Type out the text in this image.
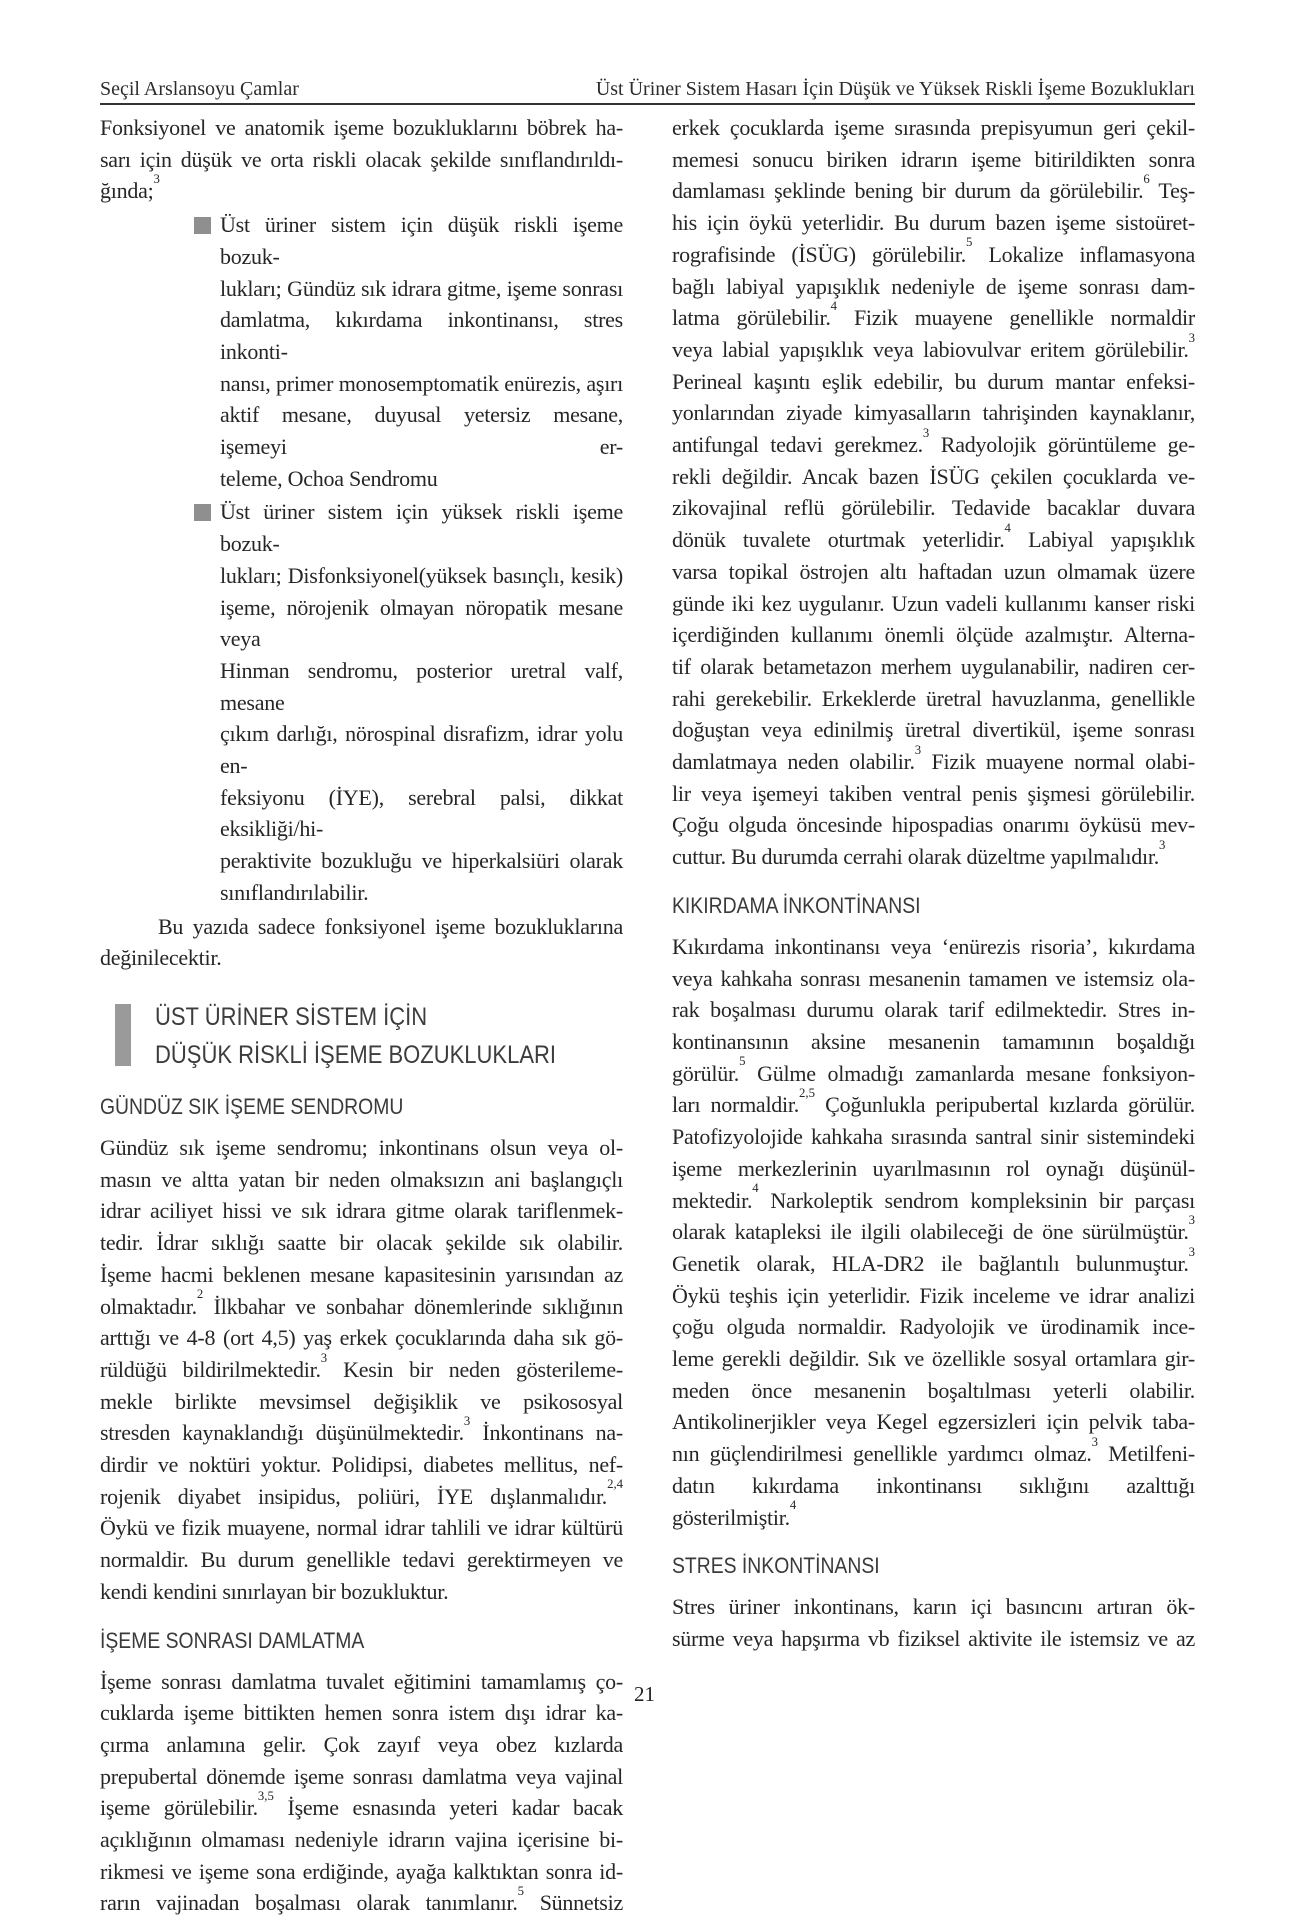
Seçil Arslansoyu Çamlar	Üst Üriner Sistem Hasarı İçin Düşük ve Yüksek Riskli İşeme Bozuklukları
Fonksiyonel ve anatomik işeme bozukluklarını böbrek ha-
sarı için düşük ve orta riskli olacak şekilde sınıflandırıldı-
ğında;$^3$
Üst üriner sistem için düşük riskli işeme bozuk-
lukları; Gündüz sık idrara gitme, işeme sonrası
damlatma, kıkırdama inkontinansı, stres inkonti-
nansı, primer monosemptomatik enürezis, aşırı
aktif mesane, duyusal yetersiz mesane, işemeyi er-
teleme, Ochoa Sendromu
Üst üriner sistem için yüksek riskli işeme bozuk-
lukları; Disfonksiyonel(yüksek basınçlı, kesik)
işeme, nörojenik olmayan nöropatik mesane veya
Hinman sendromu, posterior uretral valf, mesane
çıkım darlığı, nörospinal disrafizm, idrar yolu en-
feksiyonu (İYE), serebral palsi, dikkat eksikliği/hi-
peraktivite bozukluğu ve hiperkalsiüri olarak
sınıflandırılabilir.
Bu yazıda sadece fonksiyonel işeme bozukluklarına
değinilecektir.
ÜST ÜRİNER SİSTEM İÇİN
DÜŞÜK RİSKLİ İŞEME BOZUKLUKLARI
GÜNDÜZ SIK İŞEME SENDROMU
Gündüz sık işeme sendromu; inkontinans olsun veya ol-
masın ve altta yatan bir neden olmaksızın ani başlangıçlı
idrar aciliyet hissi ve sık idrara gitme olarak tariflenmek-
tedir. İdrar sıklığı saatte bir olacak şekilde sık olabilir.
İşeme hacmi beklenen mesane kapasitesinin yarısından az
olmaktadır.$^2$ İlkbahar ve sonbahar dönemlerinde sıklığının
arttığı ve 4-8 (ort 4,5) yaş erkek çocuklarında daha sık gö-
rüldüğü bildirilmektedir.$^3$ Kesin bir neden gösterileme-
mekle birlikte mevsimsel değişiklik ve psikososyal
stresden kaynaklandığı düşünülmektedir.$^3$ İnkontinans na-
dirdir ve noktüri yoktur. Polidipsi, diabetes mellitus, nef-
rojenik diyabet insipidus, poliüri, İYE dışlanmalıdır.$^{2,4}$
Öykü ve fizik muayene, normal idrar tahlili ve idrar kültürü
normaldir. Bu durum genellikle tedavi gerektirmeyen ve
kendi kendini sınırlayan bir bozukluktur.
İŞEME SONRASI DAMLATMA
İşeme sonrası damlatma tuvalet eğitimini tamamlamış ço-
cuklarda işeme bittikten hemen sonra istem dışı idrar ka-
çırma anlamına gelir. Çok zayıf veya obez kızlarda
prepubertal dönemde işeme sonrası damlatma veya vajinal
işeme görülebilir.$^{3,5}$ İşeme esnasında yeteri kadar bacak
açıklığının olmaması nedeniyle idrarın vajina içerisine bi-
rikmesi ve işeme sona erdiğinde, ayağa kalktıktan sonra id-
rarın vajinadan boşalması olarak tanımlanır.$^5$ Sünnetsiz
erkek çocuklarda işeme sırasında prepisyumun geri çekil-
memesi sonucu biriken idrarın işeme bitirildikten sonra
damlaması şeklinde bening bir durum da görülebilir.$^6$ Teş-
his için öykü yeterlidir. Bu durum bazen işeme sistoüret-
rografisinde (İSÜG) görülebilir.$^5$ Lokalize inflamasyona
bağlı labiyal yapışıklık nedeniyle de işeme sonrası dam-
latma görülebilir.$^4$ Fizik muayene genellikle normaldir
veya labial yapışıklık veya labiovulvar eritem görülebilir.$^3$
Perineal kaşıntı eşlik edebilir, bu durum mantar enfeksi-
yonlarından ziyade kimyasalların tahrişinden kaynaklanır,
antifungal tedavi gerekmez.$^3$ Radyolojik görüntüleme ge-
rekli değildir. Ancak bazen İSÜG çekilen çocuklarda ve-
zikovajinal reflü görülebilir. Tedavide bacaklar duvara
dönük tuvalete oturtmak yeterlidir.$^4$ Labiyal yapışıklık
varsa topikal östrojen altı haftadan uzun olmamak üzere
günde iki kez uygulanır. Uzun vadeli kullanımı kanser riski
içerdiğinden kullanımı önemli ölçüde azalmıştır. Alterna-
tif olarak betametazon merhem uygulanabilir, nadiren cer-
rahi gerekebilir. Erkeklerde üretral havuzlanma, genellikle
doğuştan veya edinilmiş üretral divertikül, işeme sonrası
damlatmaya neden olabilir.$^3$ Fizik muayene normal olabi-
lir veya işemeyi takiben ventral penis şişmesi görülebilir.
Çoğu olguda öncesinde hipospadias onarımı öyküsü mev-
cuttur. Bu durumda cerrahi olarak düzeltme yapılmalıdır.$^3$
KIKIRDAMA İNKONTİNANSI
Kıkırdama inkontinansı veya ‘enürezis risoria’, kıkırdama
veya kahkaha sonrası mesanenin tamamen ve istemsiz ola-
rak boşalması durumu olarak tarif edilmektedir. Stres in-
kontinansının aksine mesanenin tamamının boşaldığı
görülür.$^5$ Gülme olmadığı zamanlarda mesane fonksiyon-
ları normaldir.$^{2,5}$ Çoğunlukla peripubertal kızlarda görülür.
Patofizyolojide kahkaha sırasında santral sinir sistemindeki
işeme merkezlerinin uyarılmasının rol oynağı düşünül-
mektedir.$^4$ Narkoleptik sendrom kompleksinin bir parçası
olarak katapleksi ile ilgili olabileceği de öne sürülmüştür.$^3$
Genetik olarak, HLA-DR2 ile bağlantılı bulunmuştur.$^3$
Öykü teşhis için yeterlidir. Fizik inceleme ve idrar analizi
çoğu olguda normaldir. Radyolojik ve ürodinamik ince-
leme gerekli değildir. Sık ve özellikle sosyal ortamlara gir-
meden önce mesanenin boşaltılması yeterli olabilir.
Antikolinerjikler veya Kegel egzersizleri için pelvik taba-
nın güçlendirilmesi genellikle yardımcı olmaz.$^3$ Metilfeni-
datın kıkırdama inkontinansı sıklığını azalttığı
gösterilmiştir.$^4$
STRES İNKONTİNANSI
Stres üriner inkontinans, karın içi basıncını artıran ök-
sürme veya hapşırma vb fiziksel aktivite ile istemsiz ve az
21
